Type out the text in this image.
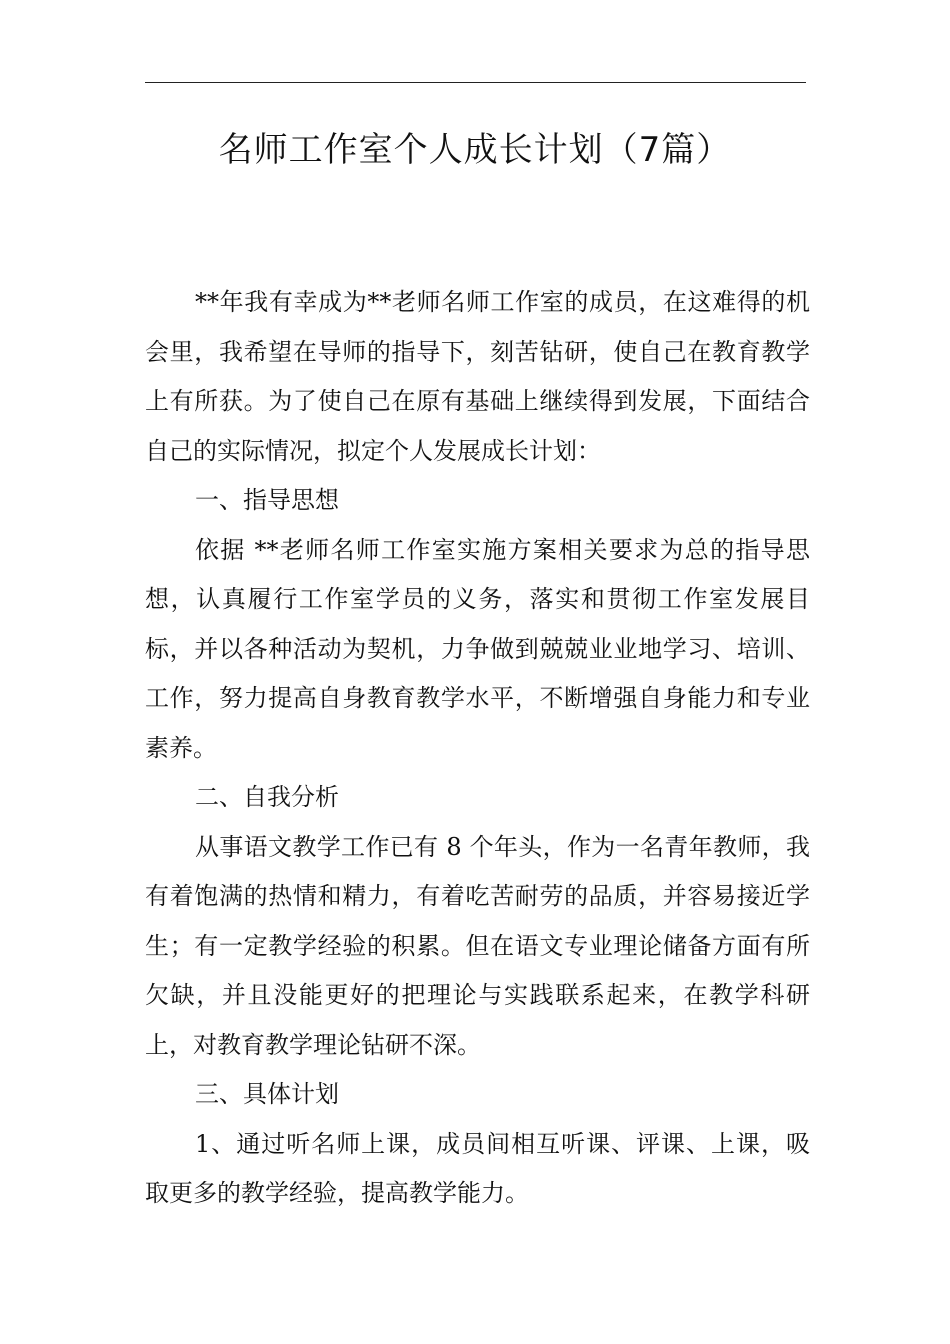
名师工作室个人成长计划（7篇）

**年我有幸成为**老师名师工作室的成员，在这难得的机会里，我希望在导师的指导下，刻苦钻研，使自己在教育教学上有所获。为了使自己在原有基础上继续得到发展，下面结合自己的实际情况，拟定个人发展成长计划：

一、指导思想

依据 **老师名师工作室实施方案相关要求为总的指导思想，认真履行工作室学员的义务，落实和贯彻工作室发展目标，并以各种活动为契机，力争做到兢兢业业地学习、培训、工作，努力提高自身教育教学水平，不断增强自身能力和专业素养。

二、自我分析

从事语文教学工作已有 8 个年头，作为一名青年教师，我有着饱满的热情和精力，有着吃苦耐劳的品质，并容易接近学生；有一定教学经验的积累。但在语文专业理论储备方面有所欠缺，并且没能更好的把理论与实践联系起来，在教学科研上，对教育教学理论钻研不深。

三、具体计划

1、通过听名师上课，成员间相互听课、评课、上课，吸取更多的教学经验，提高教学能力。
